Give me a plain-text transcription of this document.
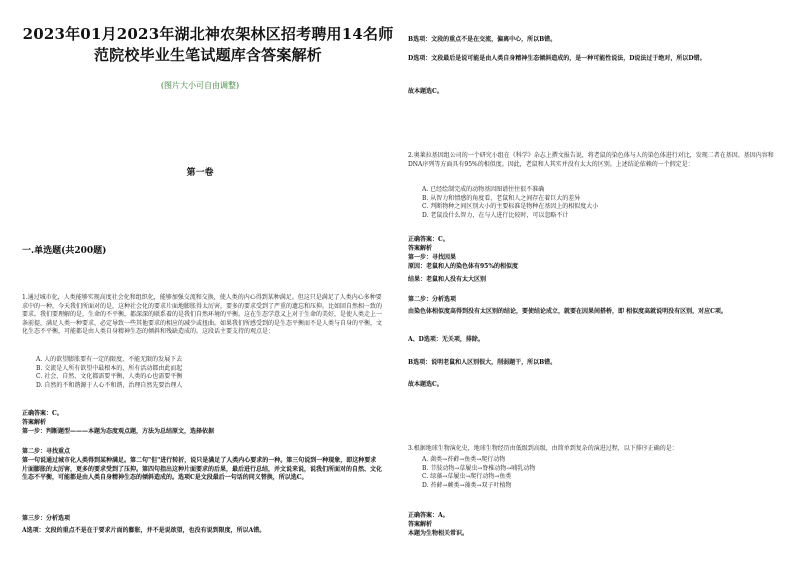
2023年01月2023年湖北神农架林区招考聘用14名师范院校毕业生笔试题库含答案解析
(图片大小可自由调整)
第一卷
一.单选题(共200题)
1.通过城市化，人类能够实现高度社会化和组织化，能够加强交流和交换，使人类的内心得到某种满足。但这只是满足了人类内心多种要求中的一种，今天我们所面对的是，这种社会化的要求片面地膨胀得太厉害，要多的要求受到了严重的遗忘和压抑。比如回自然相一致的要求。我们要理解的是，生命的不平衡，都深深的联系着的是我们自然环境的平衡。这在生态学意义上对于生命的美好，是使人类走上一条前提，满足人类一种要求，必定导致一些其他要求的相应的减少或扭曲。如果我们所感受到的是生态平衡而不是人类与自身的平衡，文化生态不平衡，可能都是由人类自身精神生态的倾斜和残缺造成的。这段话主要支持的观点是：
A. 人的欲望膨胀要有一定的限度，不能无限的发展下去
B. 交流是人所有欲望中最根本的，所有活动都由此而起
C. 社会、自然、文化都需要平衡，人类的心也需要平衡
D. 自然的不和谐源于人心不和谐，治理自然先要治理人
正确答案：C。
答案解析
第一步：判断题型———本题为态度观点题，方法为总结原文，选择依据
第二步：寻找重点
第一句说通过城市化人类得到某种满足。第二句"但"进行转折，说只是满足了人类内心要求的一种。第三句说到一种现象，即这种要求片面膨胀的太厉害，更多的要求受到了压抑。第四句指出这种片面要求的后果，最后进行总结，并文说来说，说我们所面对的自然、文化生态不平衡，可能都是由人类自身精神生态的倾斜造成的。选项C是文段最后一句话的同义替换，所以选C。
第三步：分析选项
A选项：文段的重点不是在于要求片面的膨胀，并不是说欲望，也没有说到限度，所以A错。
B选项：文段的重点不是在交流，偏离中心，所以B错。
D选项：文段最后是说可能是由人类自身精神生态倾斜造成的，是一种可能性说法，D说法过于绝对，所以D错。
故本题选C。
2.奥莱拉基因组公司的一个研究小组在《科学》杂志上撰文报告说，将老鼠的染色体与人的染色体进行对比，发现二者在基因、基因内容和DNA序列等方面具有95%的相似度。因此，老鼠和人其实并没有太大的区别。上述结论依赖的一个假定是：
A. 已经绘制完成的动物基因图谱往往很不准确
B. 从智力和情感的角度看，老鼠和人之间存在着巨大的差异
C. 判断物种之间区别大小的主要标准是物种在基因上的相似度大小
D. 老鼠没什么智力，在与人进行比较时，可以忽略不计
正确答案：C。
答案解析
第一步：寻找因果
原因：老鼠和人的染色体有95%的相似度
结果：老鼠和人没有太大区别
第二步：分析选项
由染色体相似度高得到没有太区别的结论，要使结论成立，就要在因果间搭桥，即 相似度高就说明没有区别，对应C项。
A、D选项：无关项，排除。
B选项：说明老鼠和人区别很大，削弱题干，所以B错。
故本题选C。
3.根据地球生物演化史，地球生物经历由低级到高级，由简单到复杂的演进过程，以下排序正确的是：
A. 菌类→苔藓→鱼类→爬行动物
B. 节肢动物→草履虫→脊椎动物→哺乳动物
C. 绿藻→草履虫→爬行动物→鱼类
D. 苔藓→蕨类→藻类→双子叶植物
正确答案：A。
答案解析
本题为生物相关常识。
